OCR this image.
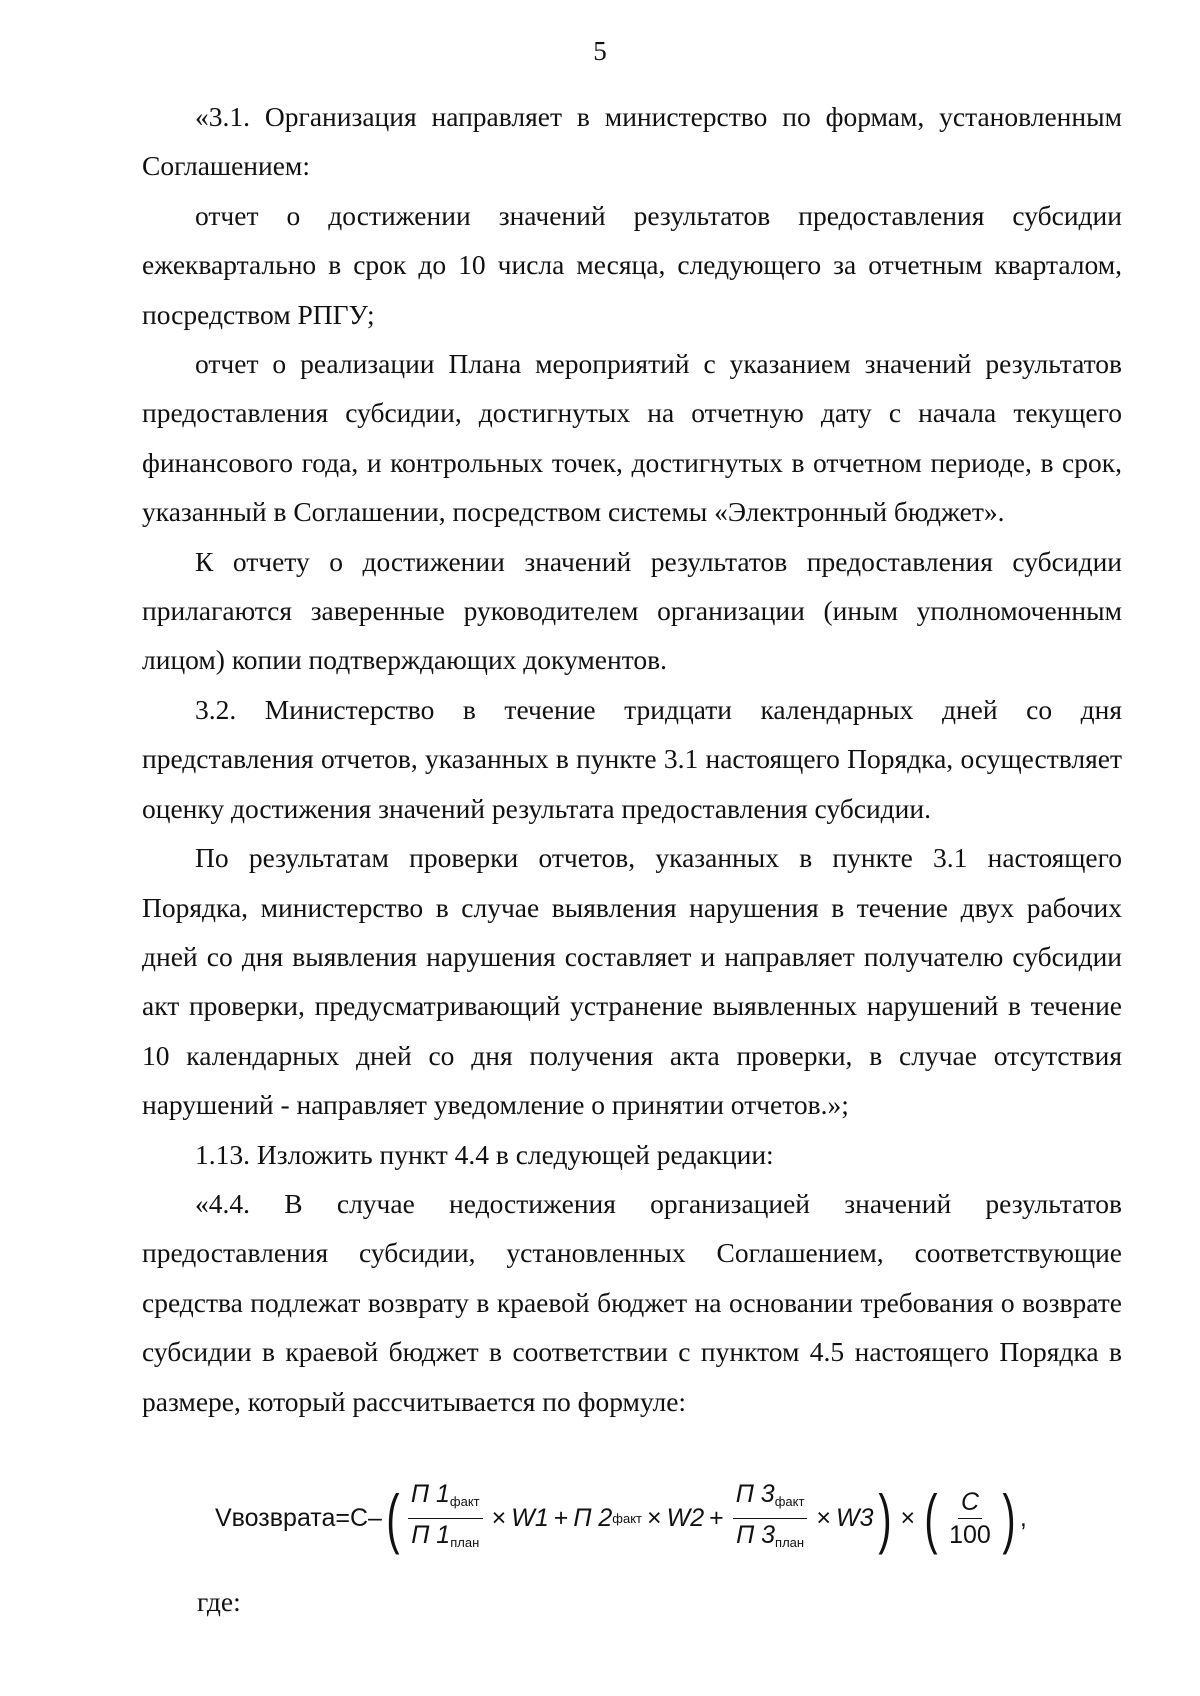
5

«3.1. Организация направляет в министерство по формам, установленным Соглашением:

отчет о достижении значений результатов предоставления субсидии ежеквартально в срок до 10 числа месяца, следующего за отчетным кварталом, посредством РПГУ;

отчет о реализации Плана мероприятий с указанием значений результатов предоставления субсидии, достигнутых на отчетную дату с начала текущего финансового года, и контрольных точек, достигнутых в отчетном периоде, в срок, указанный в Соглашении, посредством системы «Электронный бюджет».

К отчету о достижении значений результатов предоставления субсидии прилагаются заверенные руководителем организации (иным уполномоченным лицом) копии подтверждающих документов.

3.2. Министерство в течение тридцати календарных дней со дня представления отчетов, указанных в пункте 3.1 настоящего Порядка, осуществляет оценку достижения значений результата предоставления субсидии.

По результатам проверки отчетов, указанных в пункте 3.1 настоящего Порядка, министерство в случае выявления нарушения в течение двух рабочих дней со дня выявления нарушения составляет и направляет получателю субсидии акт проверки, предусматривающий устранение выявленных нарушений в течение 10 календарных дней со дня получения акта проверки, в случае отсутствия нарушений - направляет уведомление о принятии отчетов.»;

1.13. Изложить пункт 4.4 в следующей редакции:

«4.4. В случае недостижения организацией значений результатов предоставления субсидии, установленных Соглашением, соответствующие средства подлежат возврату в краевой бюджет на основании требования о возврате субсидии в краевой бюджет в соответствии с пунктом 4.5 настоящего Порядка в размере, который рассчитывается по формуле:

Vвозврата=С– ( $\frac{П 1_{факт}}{П 1_{план}} \times W1 + П$ 2 факт × $W2 + \frac{П 3_{факт}}{П 3_{план}} \times W3$ ) × ( $\frac{C}{100}$ ) ,
где:
